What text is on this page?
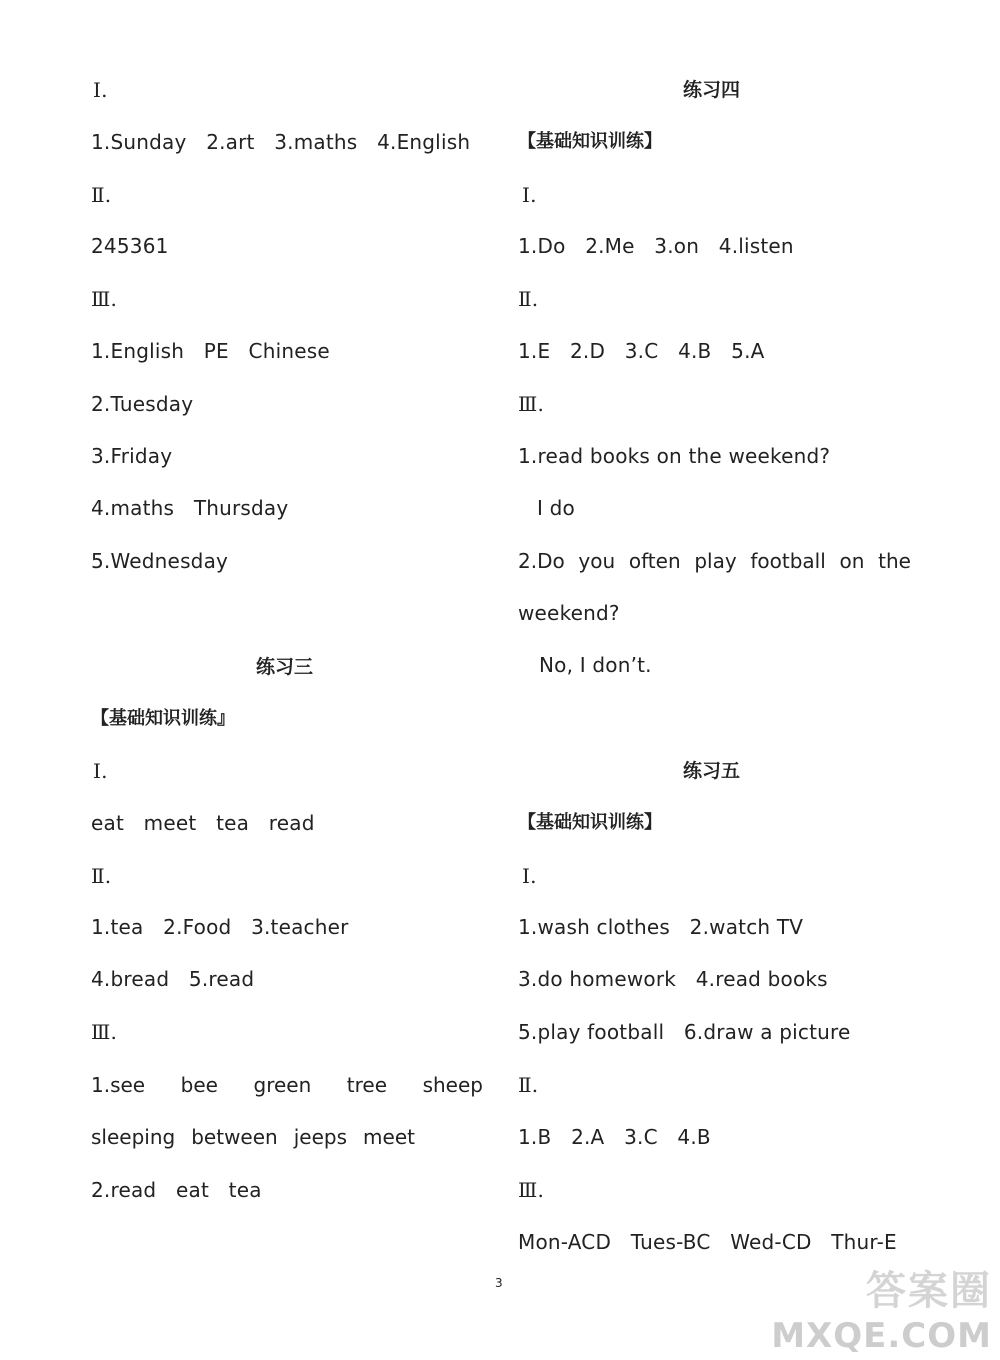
Ⅰ.
1.Sunday   2.art   3.maths   4.English
Ⅱ.
245361
Ⅲ.
1.English   PE   Chinese
2.Tuesday
3.Friday
4.maths   Thursday
5.Wednesday
练习三
【基础知识训练』
Ⅰ.
eat   meet   tea   read
Ⅱ.
1.tea   2.Food   3.teacher
4.bread   5.read
Ⅲ.
1.see bee green tree sheep
sleeping between jeeps meet
2.read   eat   tea
练习四
【基础知识训练】
Ⅰ.
1.Do   2.Me   3.on   4.listen
Ⅱ.
1.E   2.D   3.C   4.B   5.A
Ⅲ.
1.read books on the weekend?
I do
2.Do you often play football on the
weekend?
No, I don’t.
练习五
【基础知识训练】
Ⅰ.
1.wash clothes   2.watch TV
3.do homework   4.read books
5.play football   6.draw a picture
Ⅱ.
1.B   2.A   3.C   4.B
Ⅲ.
Mon-ACD   Tues-BC   Wed-CD   Thur-E
3	答案圈
MXQE.COM
